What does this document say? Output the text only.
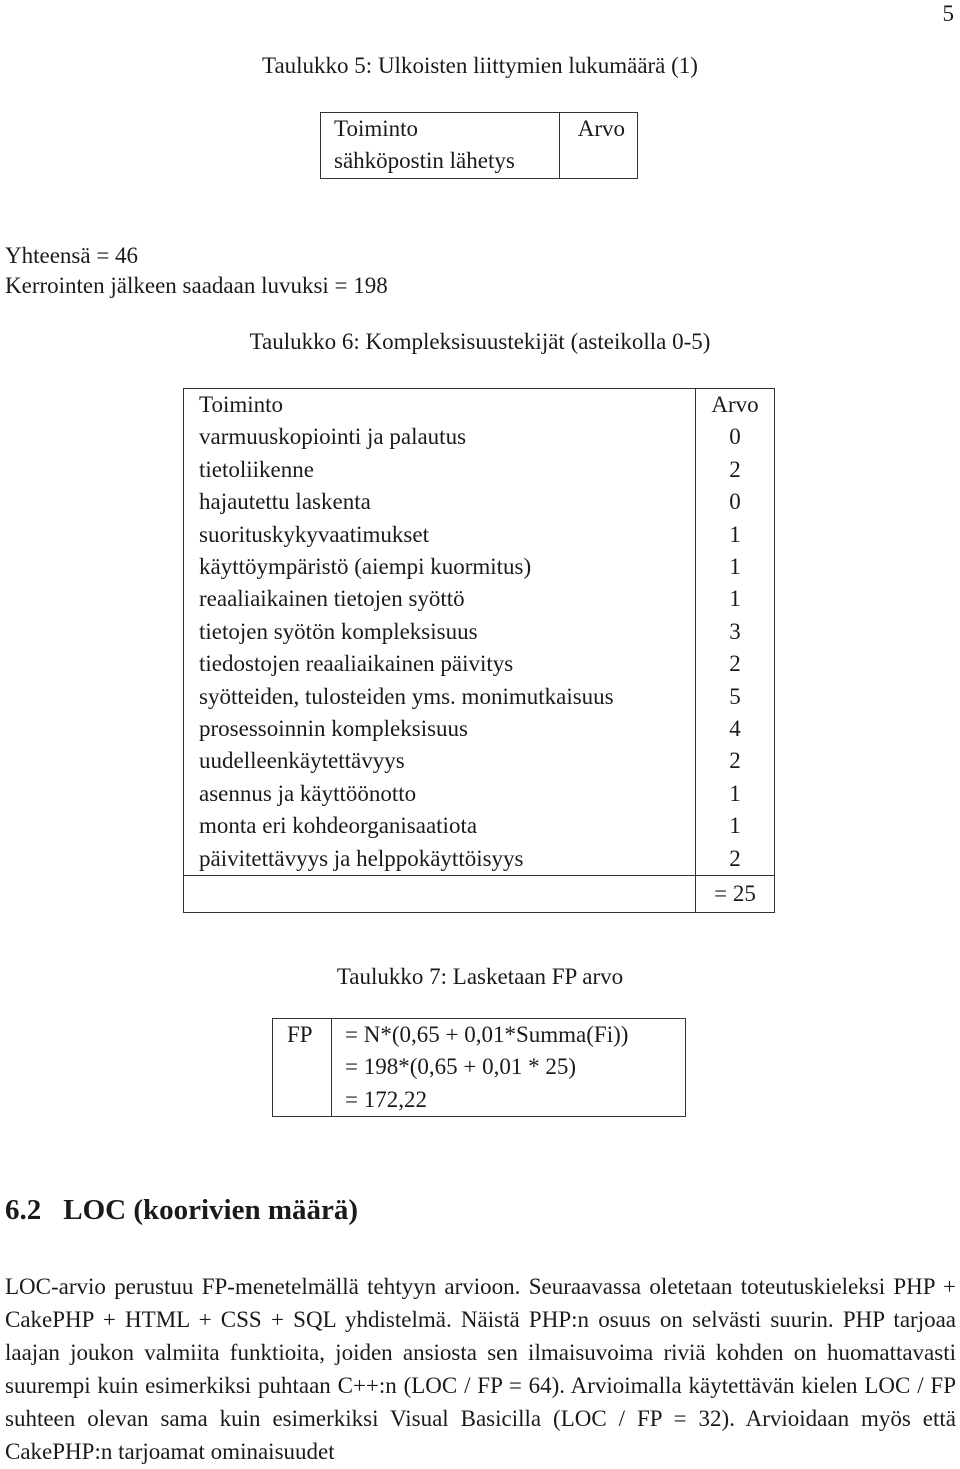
5
Taulukko 5: Ulkoisten liittymien lukumäärä (1)
Toiminto	Arvo
sähköpostin lähetys	
Yhteensä = 46
Kerrointen jälkeen saadaan luvuksi = 198
Taulukko 6: Kompleksisuustekijät (asteikolla 0-5)
Toiminto	Arvo
varmuuskopiointi ja palautus	0
tietoliikenne	2
hajautettu laskenta	0
suorituskykyvaatimukset	1
käyttöympäristö (aiempi kuormitus)	1
reaaliaikainen tietojen syöttö	1
tietojen syötön kompleksisuus	3
tiedostojen reaaliaikainen päivitys	2
syötteiden, tulosteiden yms. monimutkaisuus	5
prosessoinnin kompleksisuus	4
uudelleenkäytettävyys	2
asennus ja käyttöönotto	1
monta eri kohdeorganisaatiota	1
päivitettävyys ja helppokäyttöisyys	2
	= 25
Taulukko 7: Lasketaan FP arvo
FP	= N*(0,65 + 0,01*Summa(Fi))
= 198*(0,65 + 0,01 * 25)
= 172,22
6.2 LOC (koorivien määrä)
LOC-arvio perustuu FP-menetelmällä tehtyyn arvioon. Seuraavassa oletetaan toteutuskieleksi PHP + CakePHP + HTML + CSS + SQL yhdistelmä. Näistä PHP:n osuus on selvästi suurin. PHP tarjoaa laajan joukon valmiita funktioita, joiden ansiosta sen ilmaisuvoima riviä kohden on huomattavasti suurempi kuin esimerkiksi puhtaan C++:n (LOC / FP = 64). Arvioimalla käytettävän kielen LOC / FP suhteen olevan sama kuin esimerkiksi Visual Basicilla (LOC / FP = 32). Arvioidaan myös että CakePHP:n tarjoamat ominaisuudet
